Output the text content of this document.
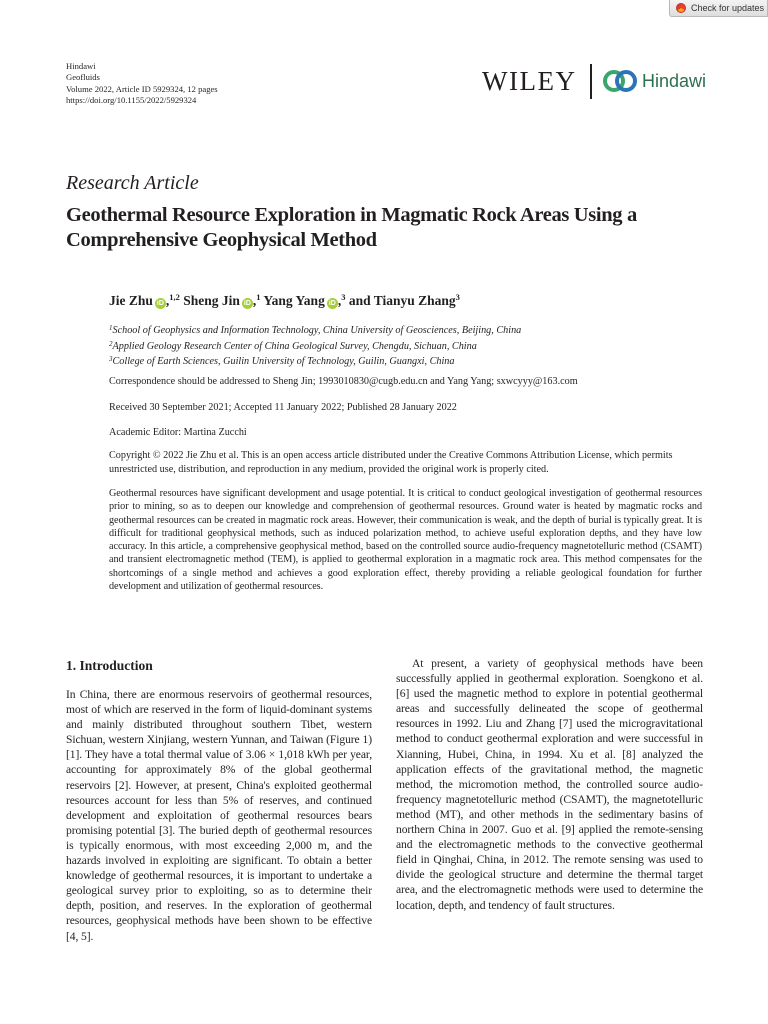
Check for updates
Hindawi
Geofluids
Volume 2022, Article ID 5929324, 12 pages
https://doi.org/10.1155/2022/5929324
WILEY	Hindawi
Research Article
Geothermal Resource Exploration in Magmatic Rock Areas Using a Comprehensive Geophysical Method
Jie Zhu iD ,$^{1,2}$ Sheng Jin iD ,$^1$ Yang Yang iD ,$^3$ and Tianyu Zhang$^3$
$^1$School of Geophysics and Information Technology, China University of Geosciences, Beijing, China
$^2$Applied Geology Research Center of China Geological Survey, Chengdu, Sichuan, China
$^3$College of Earth Sciences, Guilin University of Technology, Guilin, Guangxi, China
Correspondence should be addressed to Sheng Jin; 1993010830@cugb.edu.cn and Yang Yang; sxwcyyy@163.com
Received 30 September 2021; Accepted 11 January 2022; Published 28 January 2022
Academic Editor: Martina Zucchi
Copyright © 2022 Jie Zhu et al. This is an open access article distributed under the Creative Commons Attribution License, which permits unrestricted use, distribution, and reproduction in any medium, provided the original work is properly cited.
Geothermal resources have significant development and usage potential. It is critical to conduct geological investigation of geothermal resources prior to mining, so as to deepen our knowledge and comprehension of geothermal resources. Ground water is heated by magmatic rocks and geothermal resources can be created in magmatic rock areas. However, their communication is weak, and the depth of burial is typically great. It is difficult for traditional geophysical methods, such as induced polarization method, to achieve useful exploration depths, and they have low accuracy. In this article, a comprehensive geophysical method, based on the controlled source audio-frequency magnetotelluric method (CSAMT) and transient electromagnetic method (TEM), is applied to geothermal exploration in a magmatic rock area. This method compensates for the shortcomings of a single method and achieves a good exploration effect, thereby providing a reliable geological foundation for further development and utilization of geothermal resources.
1. Introduction
In China, there are enormous reservoirs of geothermal resources, most of which are reserved in the form of liquid-dominant systems and mainly distributed throughout southern Tibet, western Sichuan, western Xinjiang, western Yunnan, and Taiwan (Figure 1) [1]. They have a total thermal value of 3.06 × 1,018 kWh per year, accounting for approximately 8% of the global geothermal reservoirs [2]. However, at present, China's exploited geothermal resources account for less than 5% of reserves, and continued development and exploitation of geothermal resources bears promising potential [3]. The buried depth of geothermal resources is typically enormous, with most exceeding 2,000 m, and the hazards involved in exploiting are significant. To obtain a better knowledge of geothermal resources, it is important to undertake a geological survey prior to exploiting, so as to determine their depth, position, and reserves. In the exploration of geothermal resources, geophysical methods have been shown to be effective [4, 5].
At present, a variety of geophysical methods have been successfully applied in geothermal exploration. Soengkono et al. [6] used the magnetic method to explore in potential geothermal areas and successfully delineated the scope of geothermal resources in 1992. Liu and Zhang [7] used the microgravitational method to conduct geothermal exploration and were successful in Xianning, Hubei, China, in 1994. Xu et al. [8] analyzed the application effects of the gravitational method, the magnetic method, the micromotion method, the controlled source audio-frequency magnetotelluric method (CSAMT), the magnetotelluric method (MT), and other methods in the sedimentary basins of northern China in 2007. Guo et al. [9] applied the remote-sensing and the electromagnetic methods to the convective geothermal field in Qinghai, China, in 2012. The remote sensing was used to divide the geological structure and determine the thermal target area, and the electromagnetic methods were used to determine the location, depth, and tendency of fault structures.
